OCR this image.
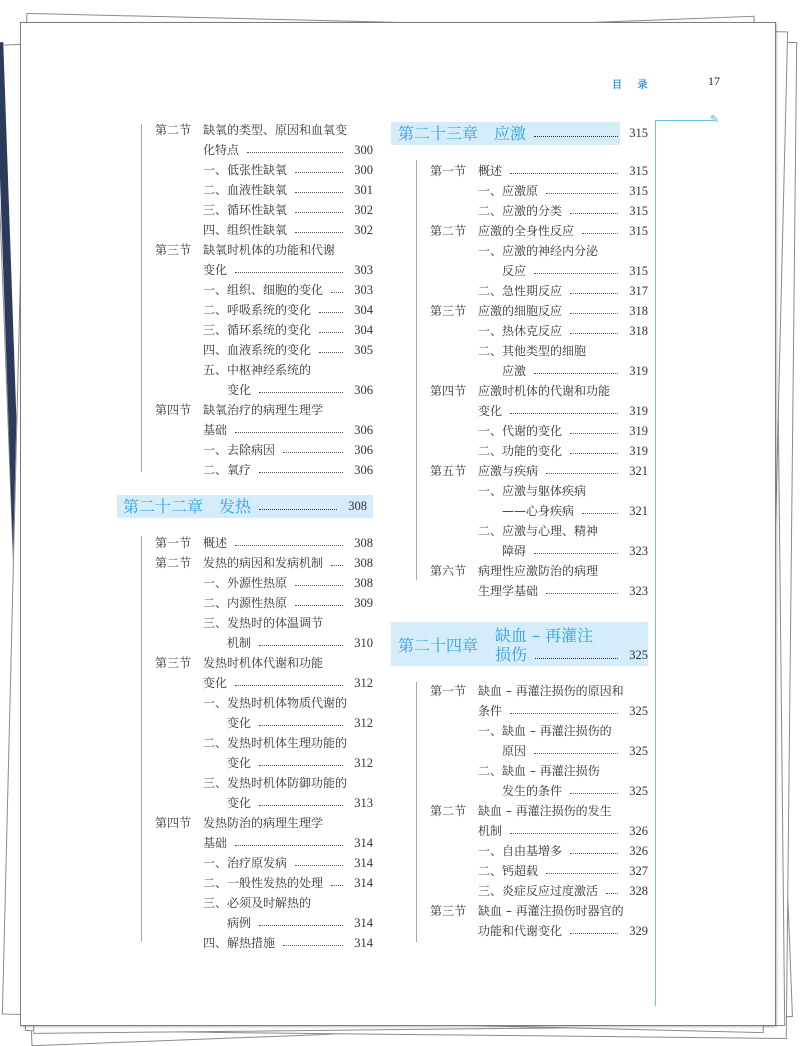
目 录	17
✎
第二节 缺氧的类型、原因和血氧变
化特点	300
一、低张性缺氧	300
二、血液性缺氧	301
三、循环性缺氧	302
四、组织性缺氧	302
第三节 缺氧时机体的功能和代谢
变化	303
一、组织、细胞的变化 303
二、呼吸系统的变化	304
三、循环系统的变化	304
四、血液系统的变化	305
五、中枢神经系统的
变化	306
第四节 缺氧治疗的病理生理学
基础	306
一、去除病因	306
二、氧疗	306
第二十二章 发热	308
第一节 概述	308
第二节 发热的病因和发病机制 308
一、外源性热原	308
二、内源性热原	309
三、发热时的体温调节
机制	310
第三节 发热时机体代谢和功能
变化	312
一、发热时机体物质代谢的
变化	312
二、发热时机体生理功能的
变化	312
三、发热时机体防御功能的
变化	313
第四节 发热防治的病理生理学
基础	314
一、治疗原发病	314
二、一般性发热的处理 314
三、必须及时解热的
病例	314
四、解热措施	314
第二十三章 应激	315
第一节 概述	315
一、应激原	315
二、应激的分类	315
第二节 应激的全身性反应	315
一、应激的神经内分泌
反应	315
二、急性期反应	317
第三节 应激的细胞反应	318
一、热休克反应	318
二、其他类型的细胞
应激	319
第四节 应激时机体的代谢和功能
变化	319
一、代谢的变化	319
二、功能的变化	319
第五节 应激与疾病	321
一、应激与躯体疾病
——心身疾病	321
二、应激与心理、精神
障碍	323
第六节 病理性应激防治的病理
生理学基础	323
第二十四章
缺血 – 再灌注
损伤	325
第一节 缺血 – 再灌注损伤的原因和
条件	325
一、缺血 – 再灌注损伤的
原因	325
二、缺血 – 再灌注损伤
发生的条件	325
第二节 缺血 – 再灌注损伤的发生
机制	326
一、自由基增多	326
二、钙超载	327
三、炎症反应过度激活 328
第三节 缺血 – 再灌注损伤时器官的
功能和代谢变化	329
